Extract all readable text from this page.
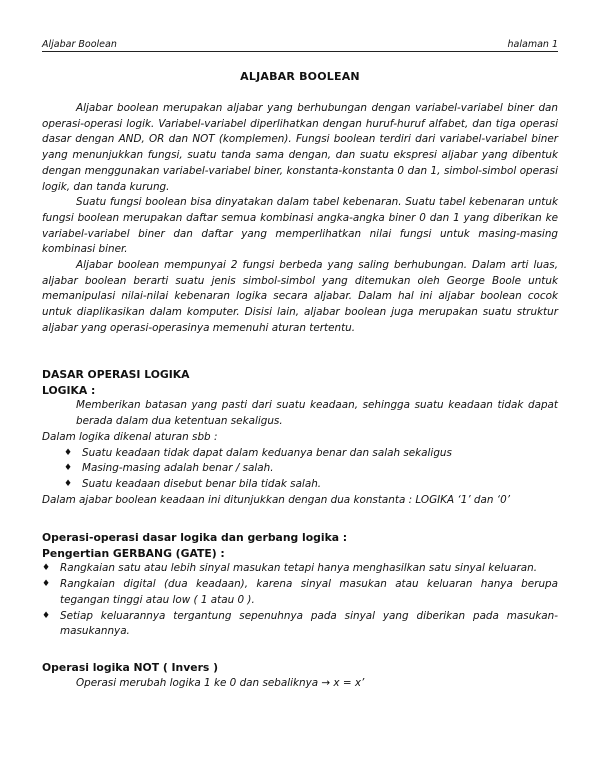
Aljabar Boolean	halaman 1
ALJABAR BOOLEAN

Aljabar boolean merupakan aljabar yang berhubungan dengan variabel-variabel biner dan operasi-operasi logik. Variabel-variabel diperlihatkan dengan huruf-huruf alfabet, dan tiga operasi dasar dengan AND, OR dan NOT (komplemen). Fungsi boolean terdiri dari variabel-variabel biner yang menunjukkan fungsi, suatu tanda sama dengan, dan suatu ekspresi aljabar yang dibentuk dengan menggunakan variabel-variabel biner, konstanta-konstanta 0 dan 1, simbol-simbol operasi logik, dan tanda kurung.

Suatu fungsi boolean bisa dinyatakan dalam tabel kebenaran. Suatu tabel kebenaran untuk fungsi boolean merupakan daftar semua kombinasi angka-angka biner 0 dan 1 yang diberikan ke variabel-variabel biner dan daftar yang memperlihatkan nilai fungsi untuk masing-masing kombinasi biner.

Aljabar boolean mempunyai 2 fungsi berbeda yang saling berhubungan. Dalam arti luas, aljabar boolean berarti suatu jenis simbol-simbol yang ditemukan oleh George Boole untuk memanipulasi nilai-nilai kebenaran logika secara aljabar. Dalam hal ini aljabar boolean cocok untuk diaplikasikan dalam komputer. Disisi lain, aljabar boolean juga merupakan suatu struktur aljabar yang operasi-operasinya memenuhi aturan tertentu.

DASAR OPERASI LOGIKA

LOGIKA :

Memberikan batasan yang pasti dari suatu keadaan, sehingga suatu keadaan tidak dapat berada dalam dua ketentuan sekaligus.

Dalam logika dikenal aturan sbb :

♦ Suatu keadaan tidak dapat dalam keduanya benar dan salah sekaligus
♦ Masing-masing adalah benar / salah.
♦ Suatu keadaan disebut benar bila tidak salah.

Dalam ajabar boolean keadaan ini ditunjukkan dengan dua konstanta : LOGIKA ‘1’ dan ‘0’

Operasi-operasi dasar logika dan gerbang logika :

Pengertian GERBANG (GATE) :

♦ Rangkaian satu atau lebih sinyal masukan tetapi hanya menghasilkan satu sinyal keluaran.
♦ Rangkaian digital (dua keadaan), karena sinyal masukan atau keluaran hanya berupa tegangan tinggi atau low ( 1 atau 0 ).
♦ Setiap keluarannya tergantung sepenuhnya pada sinyal yang diberikan pada masukan-masukannya.

Operasi logika NOT ( Invers )

Operasi merubah logika 1 ke 0 dan sebaliknya → x = x’
